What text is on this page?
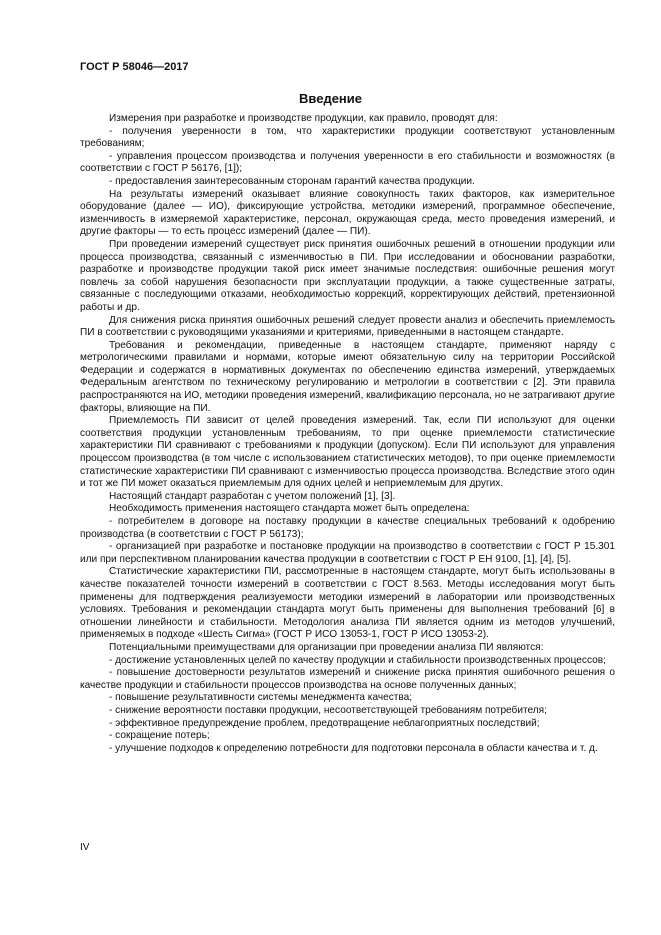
ГОСТ Р 58046—2017
Введение

Измерения при разработке и производстве продукции, как правило, проводят для:

- получения уверенности в том, что характеристики продукции соответствуют установленным требованиям;

- управления процессом производства и получения уверенности в его стабильности и возможностях (в соответствии с ГОСТ Р 56176, [1]);

- предоставления заинтересованным сторонам гарантий качества продукции.

На результаты измерений оказывает влияние совокупность таких факторов, как измерительное оборудование (далее — ИО), фиксирующие устройства, методики измерений, программное обеспечение, изменчивость в измеряемой характеристике, персонал, окружающая среда, место проведения измерений, и другие факторы — то есть процесс измерений (далее — ПИ).

При проведении измерений существует риск принятия ошибочных решений в отношении продукции или процесса производства, связанный с изменчивостью в ПИ. При исследовании и обосновании разработки, разработке и производстве продукции такой риск имеет значимые последствия: ошибочные решения могут повлечь за собой нарушения безопасности при эксплуатации продукции, а также существенные затраты, связанные с последующими отказами, необходимостью коррекций, корректирующих действий, претензионной работы и др.

Для снижения риска принятия ошибочных решений следует провести анализ и обеспечить приемлемость ПИ в соответствии с руководящими указаниями и критериями, приведенными в настоящем стандарте.

Требования и рекомендации, приведенные в настоящем стандарте, применяют наряду с метрологическими правилами и нормами, которые имеют обязательную силу на территории Российской Федерации и содержатся в нормативных документах по обеспечению единства измерений, утверждаемых Федеральным агентством по техническому регулированию и метрологии в соответствии с [2]. Эти правила распространяются на ИО, методики проведения измерений, квалификацию персонала, но не затрагивают другие факторы, влияющие на ПИ.

Приемлемость ПИ зависит от целей проведения измерений. Так, если ПИ используют для оценки соответствия продукции установленным требованиям, то при оценке приемлемости статистические характеристики ПИ сравнивают с требованиями к продукции (допуском). Если ПИ используют для управления процессом производства (в том числе с использованием статистических методов), то при оценке приемлемости статистические характеристики ПИ сравнивают с изменчивостью процесса производства. Вследствие этого один и тот же ПИ может оказаться приемлемым для одних целей и неприемлемым для других.

Настоящий стандарт разработан с учетом положений [1], [3].

Необходимость применения настоящего стандарта может быть определена:

- потребителем в договоре на поставку продукции в качестве специальных требований к одобрению производства (в соответствии с ГОСТ Р 56173);

- организацией при разработке и постановке продукции на производство в соответствии с ГОСТ Р 15.301 или при перспективном планировании качества продукции в соответствии с ГОСТ Р ЕН 9100, [1], [4], [5].

Статистические характеристики ПИ, рассмотренные в настоящем стандарте, могут быть использованы в качестве показателей точности измерений в соответствии с ГОСТ 8.563. Методы исследования могут быть применены для подтверждения реализуемости методики измерений в лаборатории или производственных условиях. Требования и рекомендации стандарта могут быть применены для выполнения требований [6] в отношении линейности и стабильности. Методология анализа ПИ является одним из методов улучшений, применяемых в подходе «Шесть Сигма» (ГОСТ Р ИСО 13053-1, ГОСТ Р ИСО 13053-2).

Потенциальными преимуществами для организации при проведении анализа ПИ являются:

- достижение установленных целей по качеству продукции и стабильности производственных процессов;

- повышение достоверности результатов измерений и снижение риска принятия ошибочного решения о качестве продукции и стабильности процессов производства на основе полученных данных;

- повышение результативности системы менеджмента качества;

- снижение вероятности поставки продукции, несоответствующей требованиям потребителя;

- эффективное предупреждение проблем, предотвращение неблагоприятных последствий;

- сокращение потерь;

- улучшение подходов к определению потребности для подготовки персонала в области качества и т. д.

IV
